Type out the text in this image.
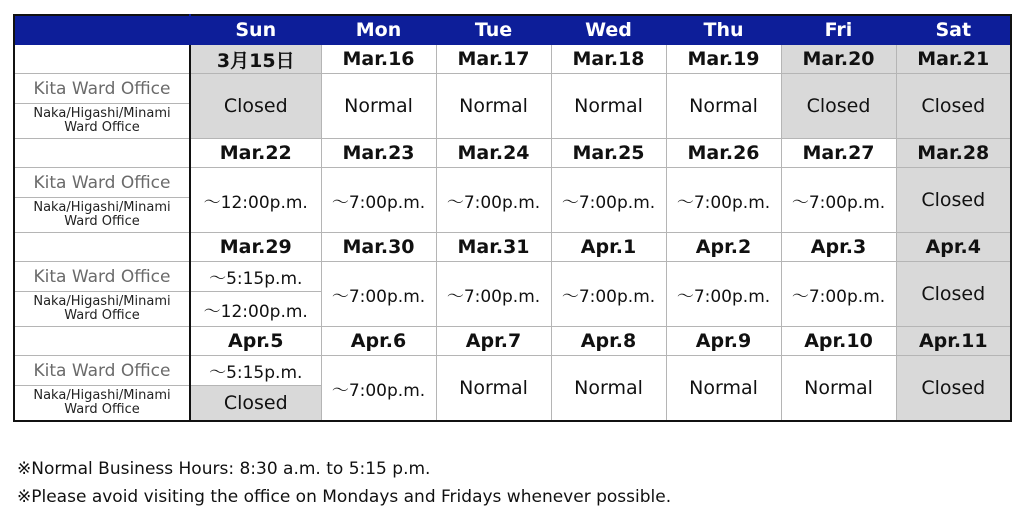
	Sun	Mon	Tue	Wed	Thu	Fri	Sat
	3月15日	Mar.16	Mar.17	Mar.18	Mar.19	Mar.20	Mar.21
Kita Ward Office	Closed	Normal	Normal	Normal	Normal	Closed	Closed
Naka/Higashi/Minami Ward Office							
	Mar.22	Mar.23	Mar.24	Mar.25	Mar.26	Mar.27	Mar.28
Kita Ward Office	～12:00p.m.	～7:00p.m.	～7:00p.m.	～7:00p.m.	～7:00p.m.	～7:00p.m.	Closed
Naka/Higashi/Minami Ward Office							
	Mar.29	Mar.30	Mar.31	Apr.1	Apr.2	Apr.3	Apr.4
Kita Ward Office	～5:15p.m.	～7:00p.m.	～7:00p.m.	～7:00p.m.	～7:00p.m.	～7:00p.m.	Closed
Naka/Higashi/Minami Ward Office	～12:00p.m.						
	Apr.5	Apr.6	Apr.7	Apr.8	Apr.9	Apr.10	Apr.11
Kita Ward Office	～5:15p.m.	～7:00p.m.	Normal	Normal	Normal	Normal	Closed
Naka/Higashi/Minami Ward Office	Closed						
※Normal Business Hours: 8:30 a.m. to 5:15 p.m.
※Please avoid visiting the office on Mondays and Fridays whenever possible.
